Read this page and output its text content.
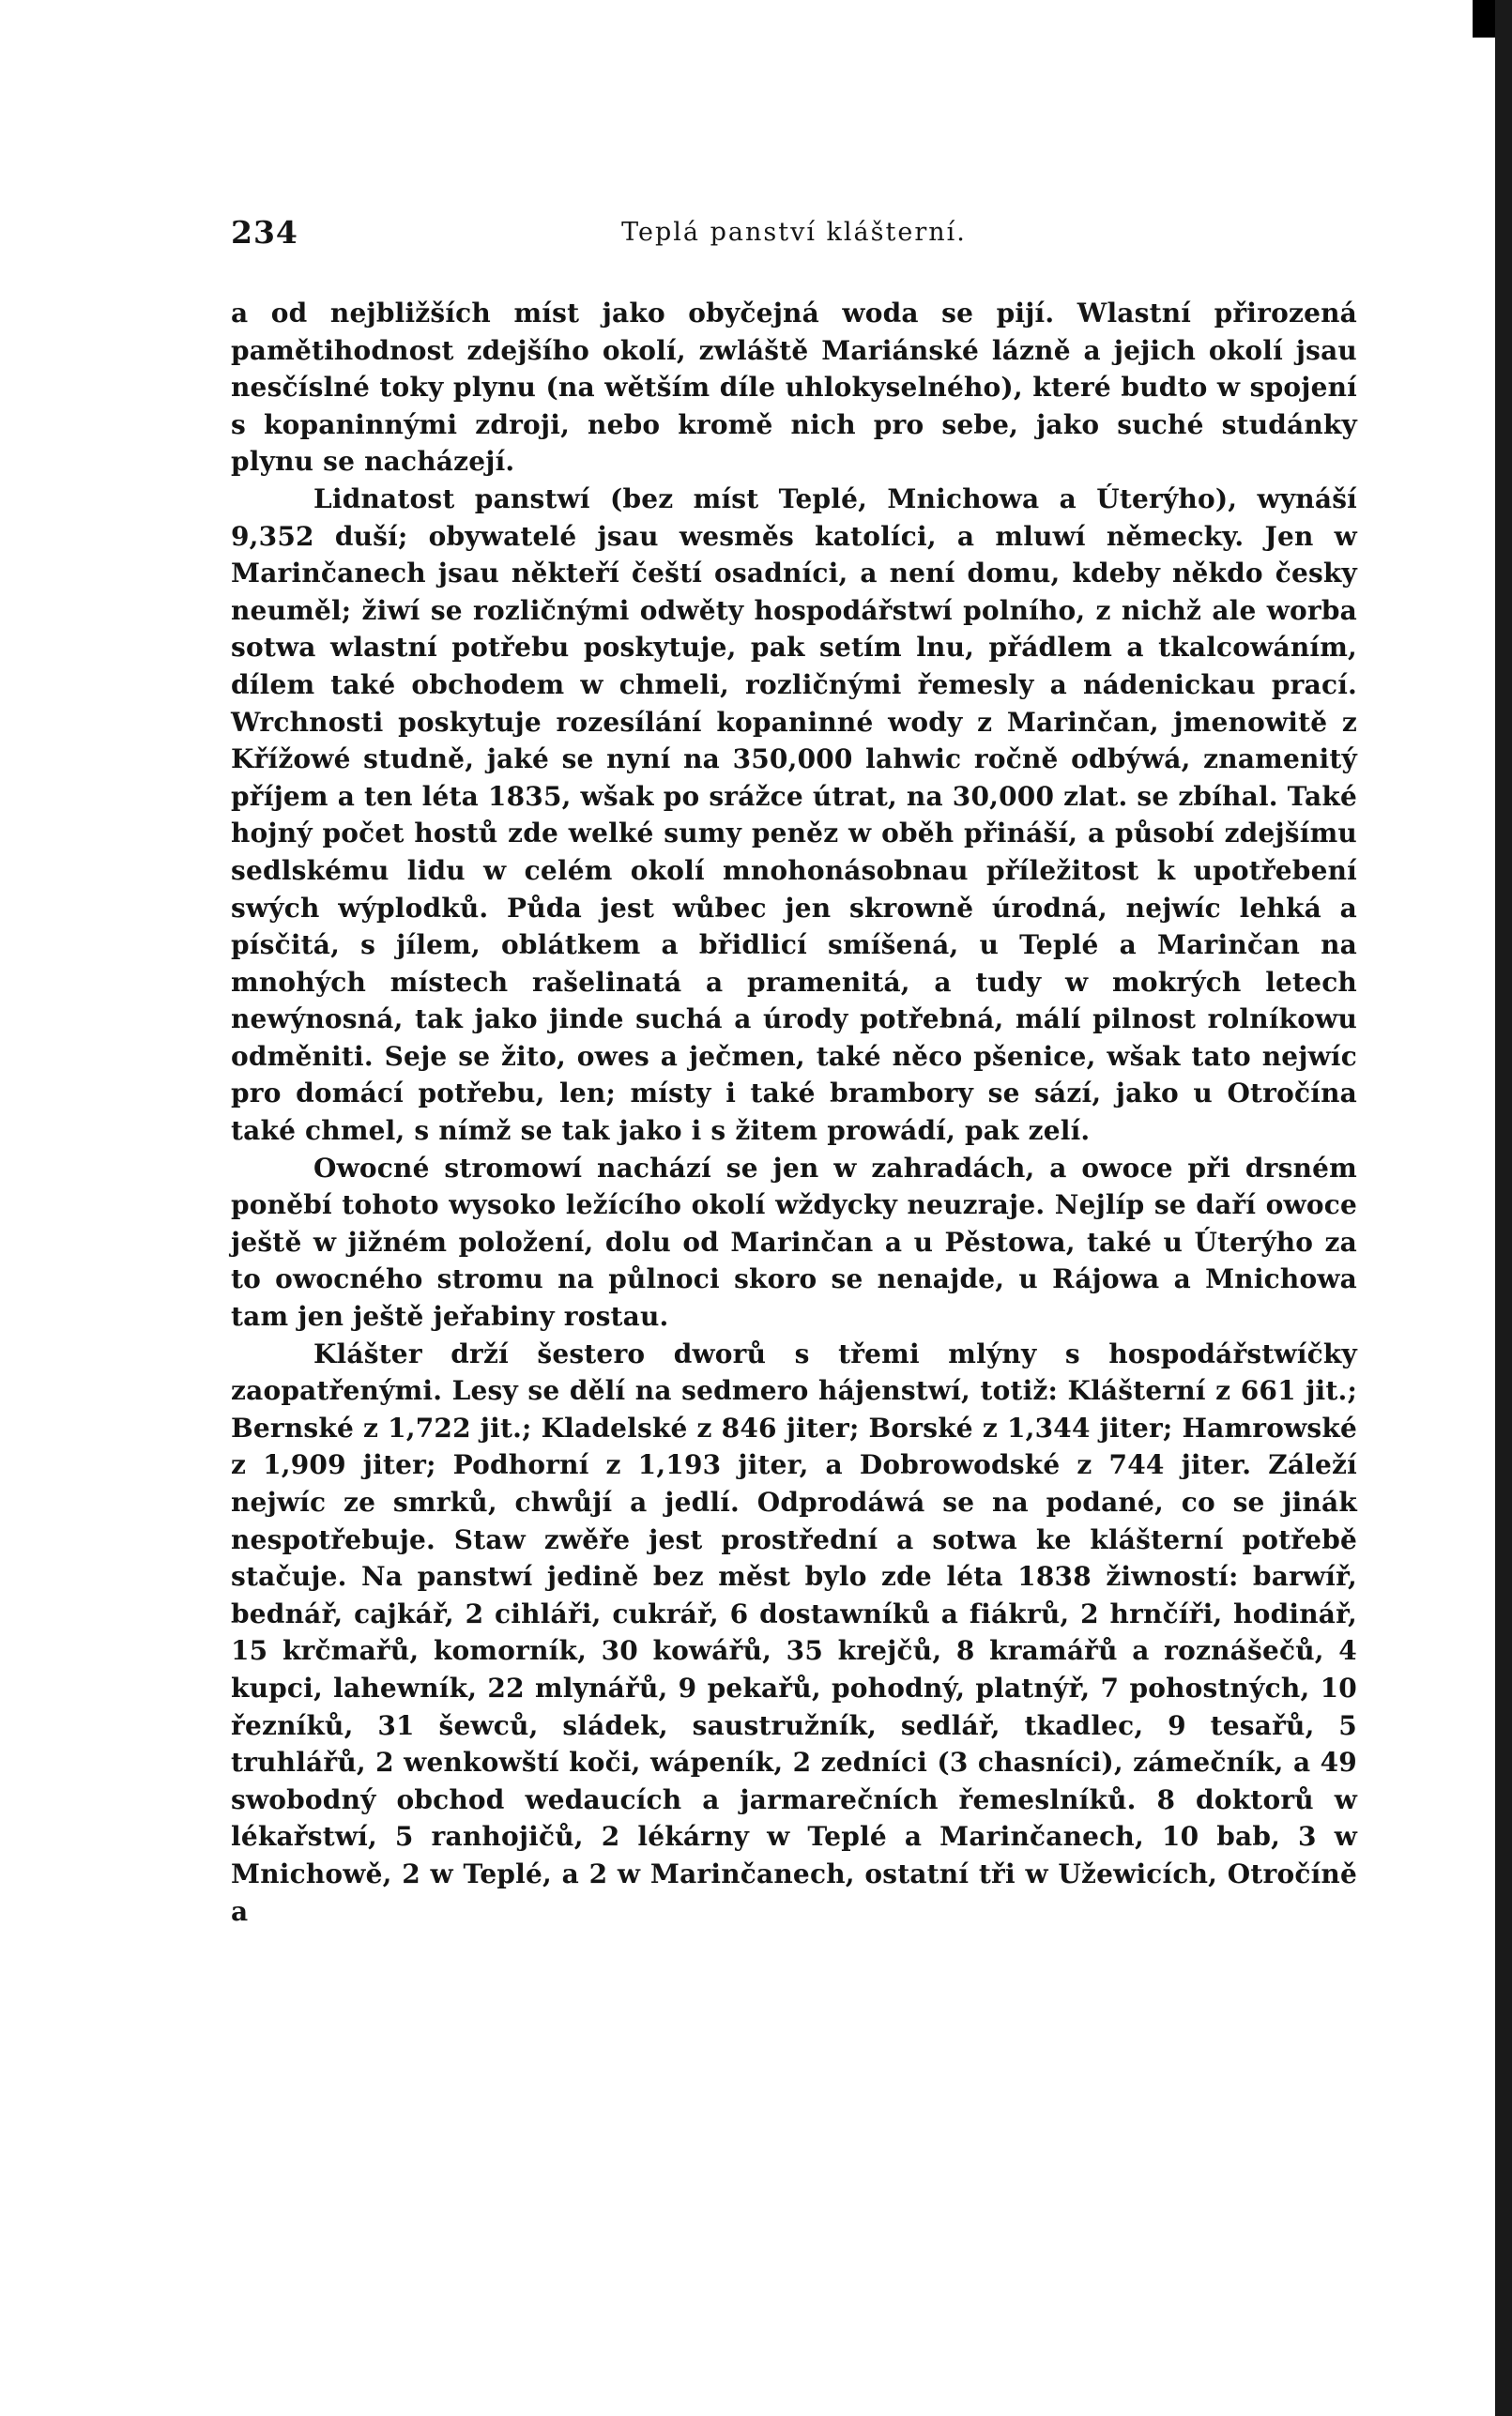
234	Teplá panství klášterní.

a od nejbližších míst jako obyčejná woda se pijí. Wlastní přirozená pamětihodnost zdejšího okolí, zwláště Mariánské lázně a jejich okolí jsau nesčíslné toky plynu (na wětším díle uhlokyselného), které budto w spojení s kopaninnými zdroji, nebo kromě nich pro sebe, jako suché studánky plynu se nacházejí.

Lidnatost panstwí (bez míst Teplé, Mnichowa a Úterýho), wynáší 9,352 duší; obywatelé jsau wesměs katolíci, a mluwí německy. Jen w Marinčanech jsau někteří čeští osadníci, a není domu, kdeby někdo česky neuměl; žiwí se rozličnými odwěty hospodářstwí polního, z nichž ale worba sotwa wlastní potřebu poskytuje, pak setím lnu, přádlem a tkalcowáním, dílem také obchodem w chmeli, rozličnými řemesly a nádenickau prací. Wrchnosti poskytuje rozesílání kopaninné wody z Marinčan, jmenowitě z Křížowé studně, jaké se nyní na 350,000 lahwic ročně odbýwá, znamenitý příjem a ten léta 1835, wšak po srážce útrat, na 30,000 zlat. se zbíhal. Také hojný počet hostů zde welké sumy peněz w oběh přináší, a působí zdejšímu sedlskému lidu w celém okolí mnohonásobnau příležitost k upotřebení swých wýplodků. Půda jest wůbec jen skrowně úrodná, nejwíc lehká a písčitá, s jílem, oblátkem a břidlicí smíšená, u Teplé a Marinčan na mnohých místech rašelinatá a pramenitá, a tudy w mokrých letech newýnosná, tak jako jinde suchá a úrody potřebná, málí pilnost rolníkowu odměniti. Seje se žito, owes a ječmen, také něco pšenice, wšak tato nejwíc pro domácí potřebu, len; místy i také brambory se sází, jako u Otročína také chmel, s nímž se tak jako i s žitem prowádí, pak zelí.

Owocné stromowí nachází se jen w zahradách, a owoce při drsném poněbí tohoto wysoko ležícího okolí wždycky neuzraje. Nejlíp se daří owoce ještě w jižném položení, dolu od Marinčan a u Pěstowa, také u Úterýho za to owocného stromu na půlnoci skoro se nenajde, u Rájowa a Mnichowa tam jen ještě jeřabiny rostau.

Klášter drží šestero dworů s třemi mlýny s hospodářstwíčky zaopatřenými. Lesy se dělí na sedmero hájenstwí, totiž: Klášterní z 661 jit.; Bernské z 1,722 jit.; Kladelské z 846 jiter; Borské z 1,344 jiter; Hamrowské z 1,909 jiter; Podhorní z 1,193 jiter, a Dobrowodské z 744 jiter. Záleží nejwíc ze smrků, chwůjí a jedlí. Odprodáwá se na podané, co se jinák nespotřebuje. Staw zwěře jest prostřední a sotwa ke klášterní potřebě stačuje. Na panstwí jedině bez měst bylo zde léta 1838 žiwností: barwíř, bednář, cajkář, 2 cihláři, cukrář, 6 dostawníků a fiákrů, 2 hrnčíři, hodinář, 15 krčmařů, komorník, 30 kowářů, 35 krejčů, 8 kramářů a roznášečů, 4 kupci, lahewník, 22 mlynářů, 9 pekařů, pohodný, platnýř, 7 pohostných, 10 řezníků, 31 šewců, sládek, saustružník, sedlář, tkadlec, 9 tesařů, 5 truhlářů, 2 wenkowští koči, wápeník, 2 zedníci (3 chasníci), zámečník, a 49 swobodný obchod wedaucích a jarmarečních řemeslníků. 8 doktorů w lékařstwí, 5 ranhojičů, 2 lékárny w Teplé a Marinčanech, 10 bab, 3 w Mnichowě, 2 w Teplé, a 2 w Marinčanech, ostatní tři w Užewicích, Otročíně a
